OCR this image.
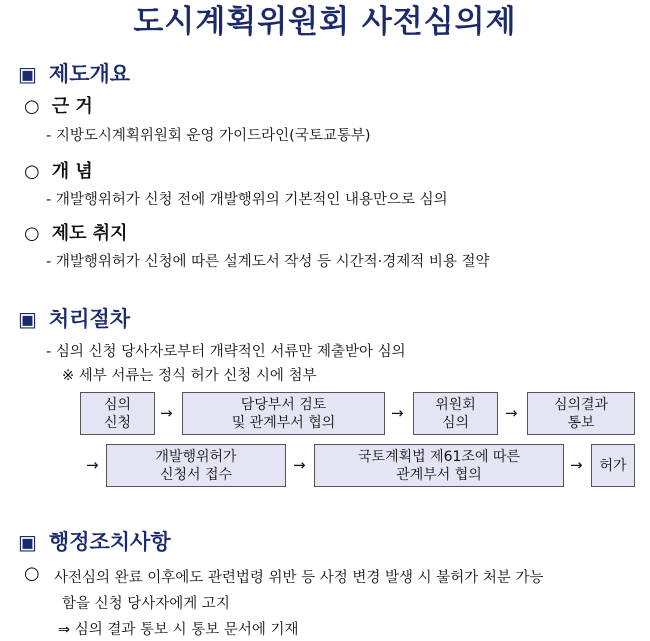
도시계획위원회 사전심의제
▣ 제도개요
○ 근 거
- 지방도시계획위원회 운영 가이드라인(국토교통부)
○ 개 념
- 개발행위허가 신청 전에 개발행위의 기본적인 내용만으로 심의
○ 제도 취지
- 개발행위허가 신청에 따른 설계도서 작성 등 시간적·경제적 비용 절약
▣ 처리절차
- 심의 신청 당사자로부터 개략적인 서류만 제출받아 심의
※ 세부 서류는 정식 허가 신청 시에 첨부
심의
신청
→	담당부서 검토
및 관계부서 협의
→ 위원회
심의
→	심의결과
통보
→	개발행위허가
신청서 접수
→	국토계획법 제61조에 따른
관계부서 협의
→ 허가
▣ 행정조치사항
○ 사전심의 완료 이후에도 관련법령 위반 등 사정 변경 발생 시 불허가 처분 가능
함을 신청 당사자에게 고지
⇒ 심의 결과 통보 시 통보 문서에 기재
